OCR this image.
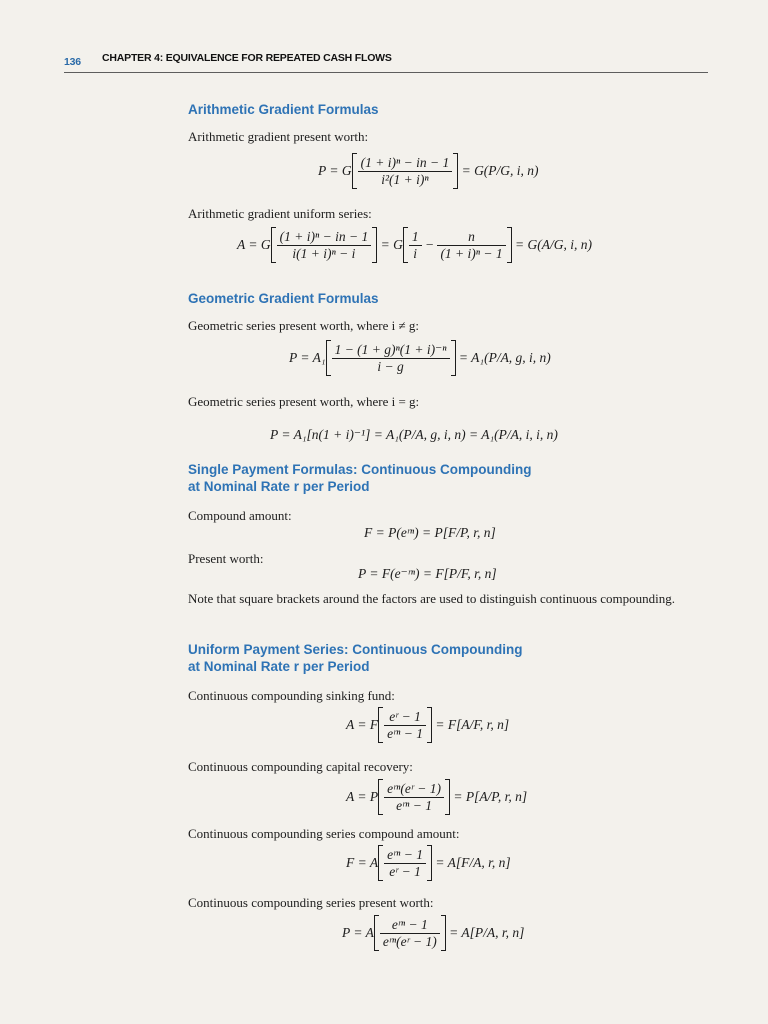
136 CHAPTER 4: EQUIVALENCE FOR REPEATED CASH FLOWS
Arithmetic Gradient Formulas
Arithmetic gradient present worth:
P = G $\frac{\text{(1 + i)ⁿ − in − 1}}{\text{i²(1 + i)ⁿ}} = G(P/G$, i, n)
Arithmetic gradient uniform series:
A = G $\frac{\text{(1 + i)ⁿ − in − 1}}{\text{i(1 + i)ⁿ − i}} = G \frac{1}{i} - \frac{n}{\text{(1 + i)ⁿ − 1}} = G(A/G$, i, n)
Geometric Gradient Formulas
Geometric series present worth, where i ≠ g:
$P = A_1 \frac{\text{1 − (1 + g)ⁿ(1 + i)⁻ⁿ}}{i - g} = A_1(P/A$, g, i, n)
Geometric series present worth, where i = g:
P = A₁[n(1 + i)⁻¹] = A₁(P/A, g, i, n) = A₁(P/A, i, i, n)
Single Payment Formulas: Continuous Compounding
at Nominal Rate r per Period
Compound amount:
F = P(eʳⁿ) = P[F/P, r, n]
Present worth:
P = F(e⁻ʳⁿ) = F[P/F, r, n]
Note that square brackets around the factors are used to distinguish continuous compounding.
Uniform Payment Series: Continuous Compounding
at Nominal Rate r per Period
Continuous compounding sinking fund:
A = F $\frac{\text{eʳ − 1}}{\text{eʳⁿ − 1}} = F[A/F$, r, n]
Continuous compounding capital recovery:
A = P $\frac{\text{eʳⁿ(eʳ − 1)}}{\text{eʳⁿ − 1}} = P[A/P$, r, n]
Continuous compounding series compound amount:
F = A $\frac{\text{eʳⁿ − 1}}{\text{eʳ − 1}} = A[F/A$, r, n]
Continuous compounding series present worth:
P = A $\frac{\text{eʳⁿ − 1}}{\text{eʳⁿ(eʳ − 1)}} = A[P/A$, r, n]
